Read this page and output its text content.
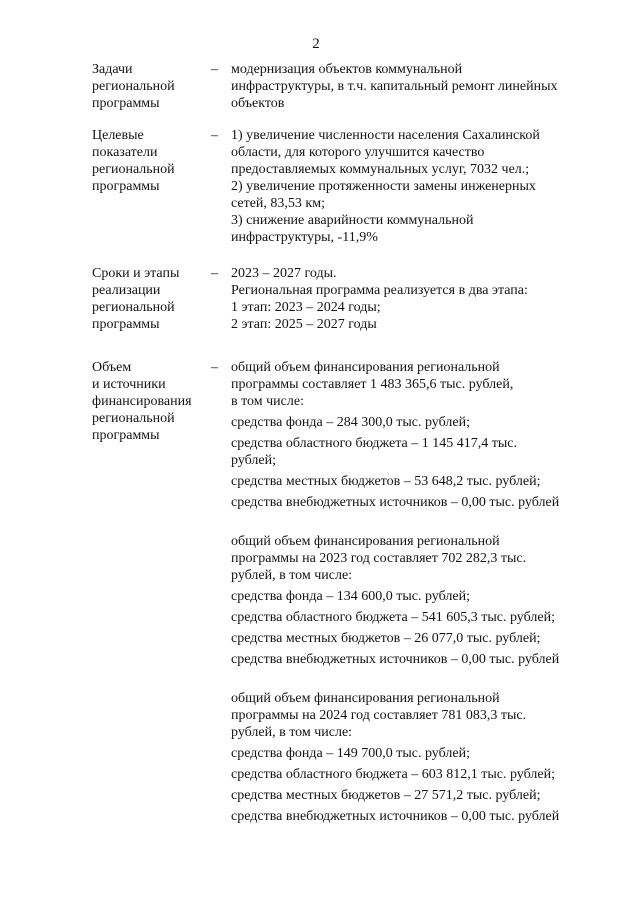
2
Задачи
региональной
программы
– модернизация объектов коммунальной

инфраструктуры, в т.ч. капитальный ремонт линейных

объектов

Целевые
показатели
региональной
программы
– 1) увеличение численности населения Сахалинской

области, для которого улучшится качество

предоставляемых коммунальных услуг, 7032 чел.;

2) увеличение протяженности замены инженерных

сетей, 83,53 км;

3) снижение аварийности коммунальной

инфраструктуры, -11,9%

Сроки и этапы
реализации
региональной
программы
– 2023 – 2027 годы.

Региональная программа реализуется в два этапа:

1 этап: 2023 – 2024 годы;

2 этап: 2025 – 2027 годы

Объем
и источники
финансирования
региональной
программы
– общий объем финансирования региональной

программы составляет 1 483 365,6 тыс. рублей,

в том числе:

средства фонда – 284 300,0 тыс. рублей;

средства областного бюджета – 1 145 417,4 тыс.

рублей;

средства местных бюджетов – 53 648,2 тыс. рублей;

средства внебюджетных источников – 0,00 тыс. рублей

общий объем финансирования региональной

программы на 2023 год составляет 702 282,3 тыс.

рублей, в том числе:

средства фонда – 134 600,0 тыс. рублей;

средства областного бюджета – 541 605,3 тыс. рублей;

средства местных бюджетов – 26 077,0 тыс. рублей;

средства внебюджетных источников – 0,00 тыс. рублей

общий объем финансирования региональной

программы на 2024 год составляет 781 083,3 тыс.

рублей, в том числе:

средства фонда – 149 700,0 тыс. рублей;

средства областного бюджета – 603 812,1 тыс. рублей;

средства местных бюджетов – 27 571,2 тыс. рублей;

средства внебюджетных источников – 0,00 тыс. рублей
